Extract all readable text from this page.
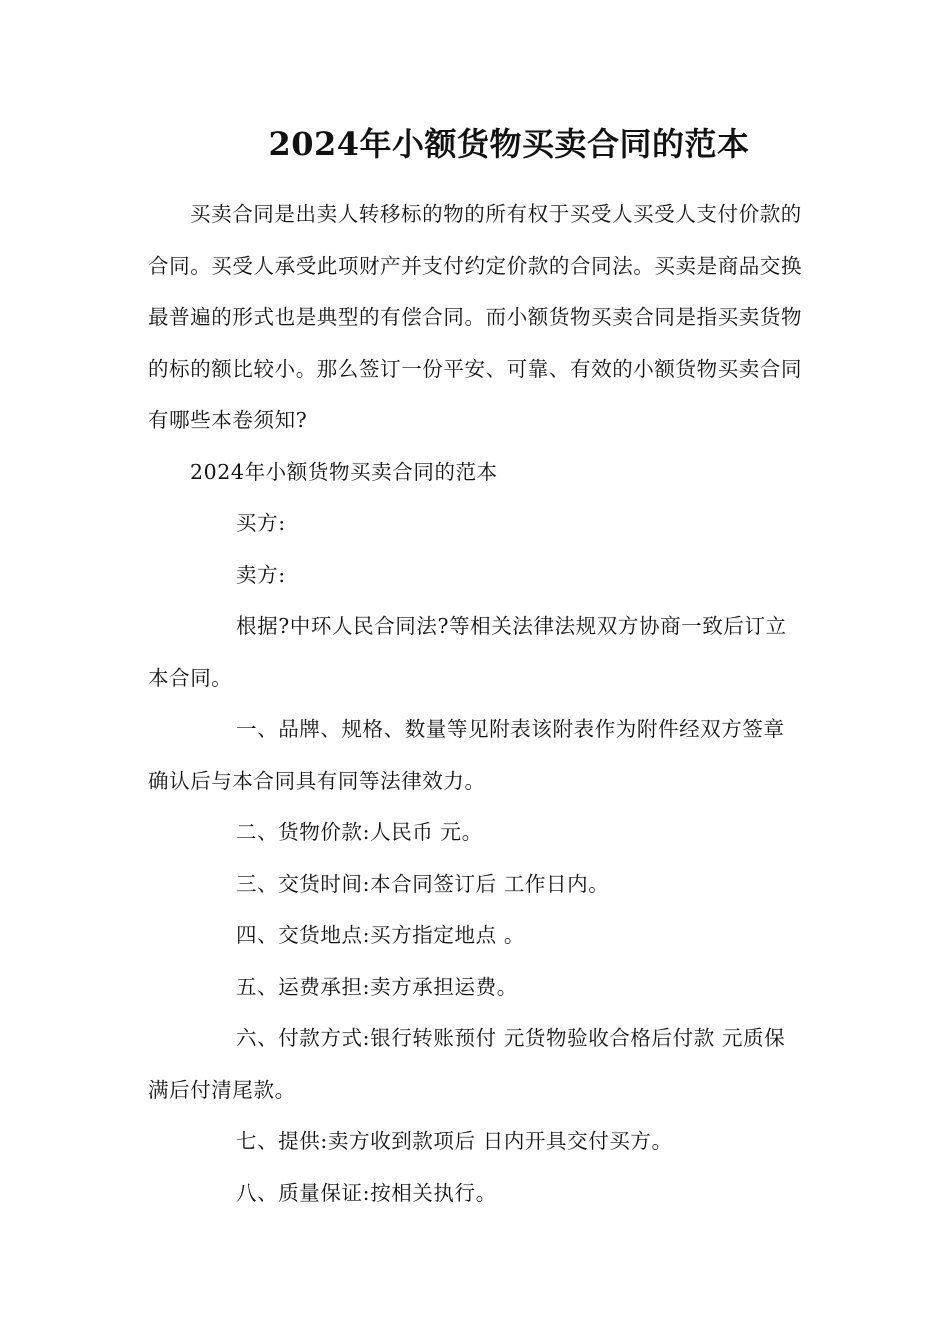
2024年小额货物买卖合同的范本

买卖合同是出卖人转移标的物的所有权于买受人买受人支付价款的合同。买受人承受此项财产并支付约定价款的合同法。买卖是商品交换最普遍的形式也是典型的有偿合同。而小额货物买卖合同是指买卖货物的标的额比较小。那么签订一份平安、可靠、有效的小额货物买卖合同有哪些本卷须知?

2024年小额货物买卖合同的范本

买方:

卖方:

根据?中环人民合同法?等相关法律法规双方协商一致后订立本合同。

一、品牌、规格、数量等见附表该附表作为附件经双方签章确认后与本合同具有同等法律效力。

二、货物价款:人民币 元。

三、交货时间:本合同签订后 工作日内。

四、交货地点:买方指定地点 。

五、运费承担:卖方承担运费。

六、付款方式:银行转账预付 元货物验收合格后付款 元质保满后付清尾款。

七、提供:卖方收到款项后 日内开具交付买方。

八、质量保证:按相关执行。
